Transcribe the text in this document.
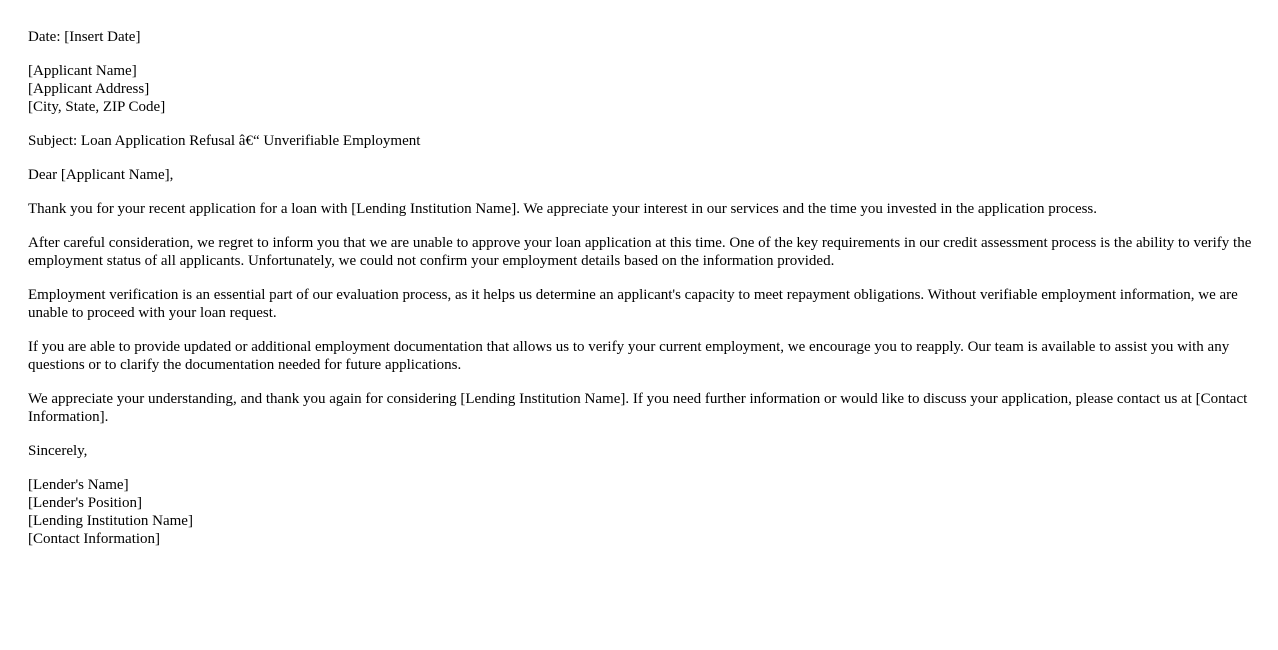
Date: [Insert Date]

[Applicant Name]
[Applicant Address]
[City, State, ZIP Code]

Subject: Loan Application Refusal â€“ Unverifiable Employment

Dear [Applicant Name],

Thank you for your recent application for a loan with [Lending Institution Name]. We appreciate your interest in our services and the time you invested in the application process.

After careful consideration, we regret to inform you that we are unable to approve your loan application at this time. One of the key requirements in our credit assessment process is the ability to verify the employment status of all applicants. Unfortunately, we could not confirm your employment details based on the information provided.

Employment verification is an essential part of our evaluation process, as it helps us determine an applicant's capacity to meet repayment obligations. Without verifiable employment information, we are unable to proceed with your loan request.

If you are able to provide updated or additional employment documentation that allows us to verify your current employment, we encourage you to reapply. Our team is available to assist you with any questions or to clarify the documentation needed for future applications.

We appreciate your understanding, and thank you again for considering [Lending Institution Name]. If you need further information or would like to discuss your application, please contact us at [Contact Information].

Sincerely,

[Lender's Name]
[Lender's Position]
[Lending Institution Name]
[Contact Information]
